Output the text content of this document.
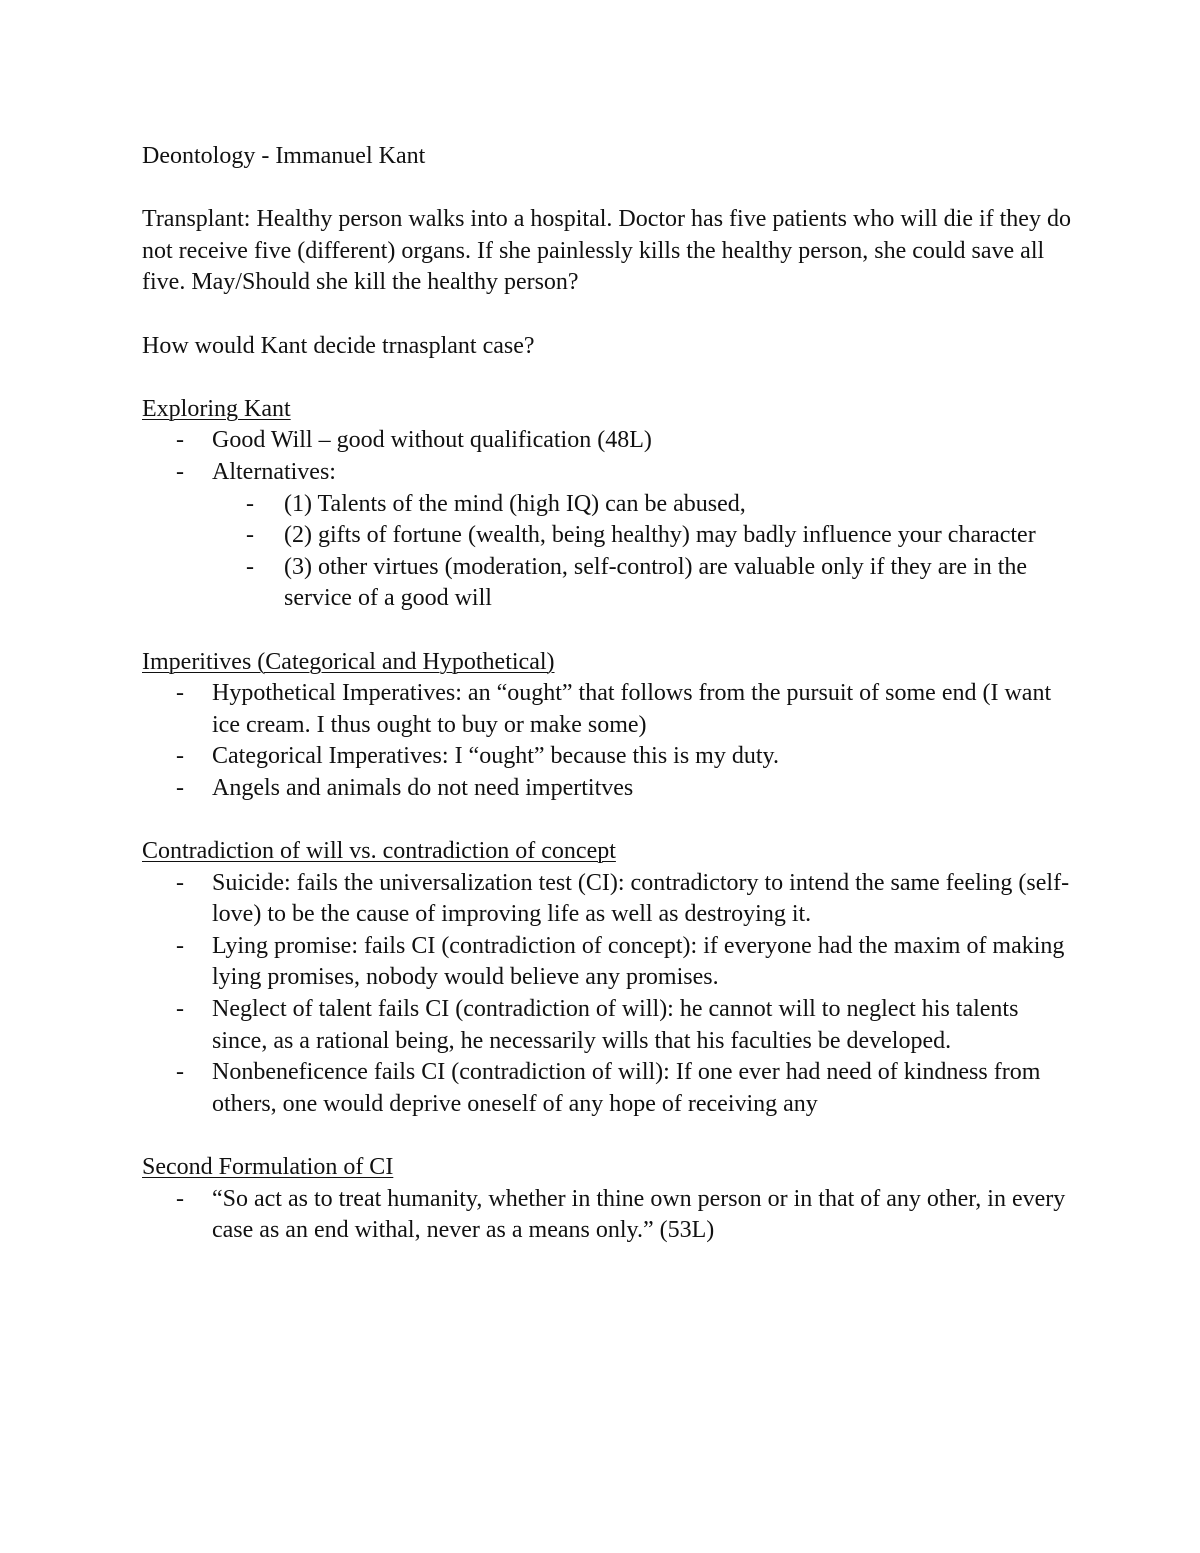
Deontology - Immanuel Kant

Transplant: Healthy person walks into a hospital. Doctor has five patients who will die if they do not receive five (different) organs. If she painlessly kills the healthy person, she could save all five. May/Should she kill the healthy person?

How would Kant decide trnasplant case?

Exploring Kant

- Good Will – good without qualification (48L)
- Alternatives:
- (1) Talents of the mind (high IQ) can be abused,
- (2) gifts of fortune (wealth, being healthy) may badly influence your character
- (3) other virtues (moderation, self-control) are valuable only if they are in the service of a good will

Imperitives (Categorical and Hypothetical)

- Hypothetical Imperatives: an “ought” that follows from the pursuit of some end (I want ice cream. I thus ought to buy or make some)
- Categorical Imperatives: I “ought” because this is my duty.
- Angels and animals do not need impertitves

Contradiction of will vs. contradiction of concept

- Suicide: fails the universalization test (CI): contradictory to intend the same feeling (self-love) to be the cause of improving life as well as destroying it.
- Lying promise: fails CI (contradiction of concept): if everyone had the maxim of making lying promises, nobody would believe any promises.
- Neglect of talent fails CI (contradiction of will): he cannot will to neglect his talents since, as a rational being, he necessarily wills that his faculties be developed.
- Nonbeneficence fails CI (contradiction of will): If one ever had need of kindness from others, one would deprive oneself of any hope of receiving any

Second Formulation of CI

- “So act as to treat humanity, whether in thine own person or in that of any other, in every case as an end withal, never as a means only.” (53L)
